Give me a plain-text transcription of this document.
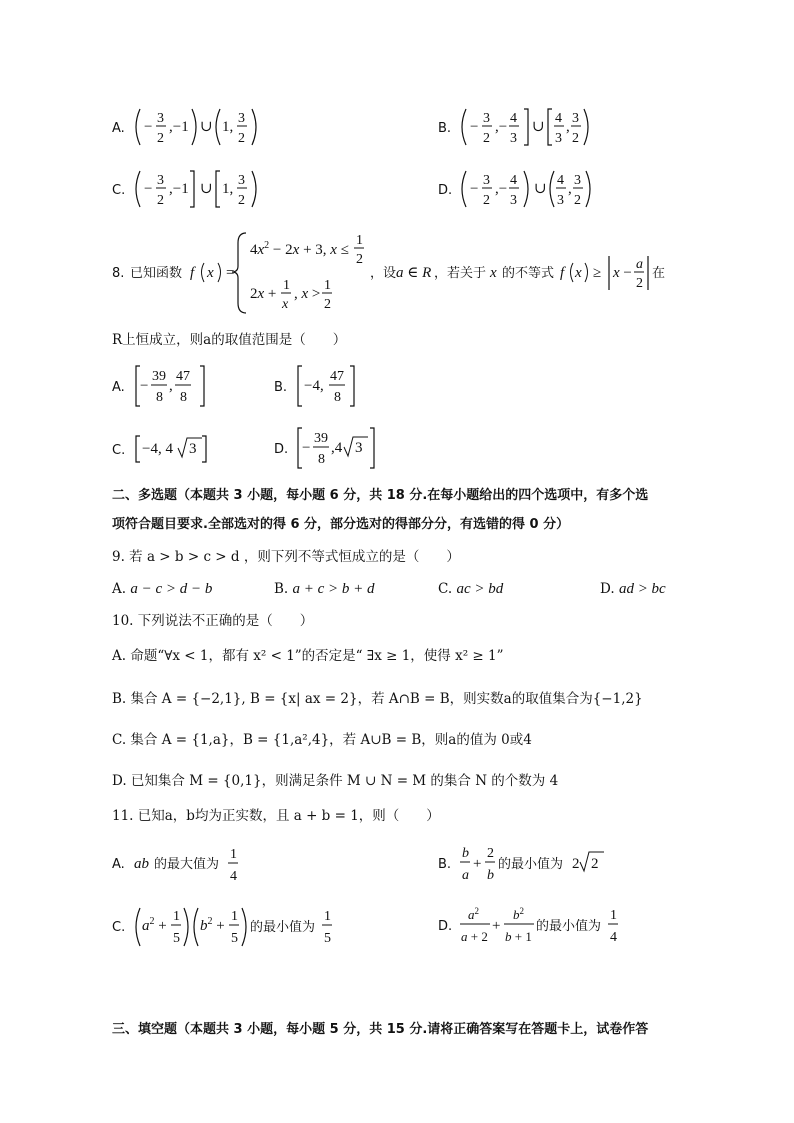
A. −
3
2
,−1 ∪ 1,
3
2
B. −
3
2
,−
4
3
∪
4
3
,
3
2
C. −
3
2
,−1 ∪ 1,
3
2
D. −
3
2
,−
4
3
∪
4
3
,
3
2
8. 已知函数 f x =
$4x^2 - 2x + 3$, x ≤
1
2
2x +
1
x
, x >
1
2
，设 a ∈ R ，若关于 x 的不等式 f x ≥ x −
a
2
在
R上恒成立，则a的取值范围是（　　）
A. −
39
8
,
47
8
B. −4,
47
8
C. −4, 4 3	D. −
39
8
,4 3
二、多选题（本题共 3 小题，每小题 6 分，共 18 分.在每小题给出的四个选项中，有多个选
项符合题目要求.全部选对的得 6 分，部分选对的得部分分，有选错的得 0 分）
9. 若 a > b > c > d ，则下列不等式恒成立的是（　　）
A. a − c > d − b	B. a + c > b + d	C. ac > bd	D. ad > bc
10. 下列说法不正确的是（　　）
A. 命题“∀x < 1，都有 x² < 1”的否定是“ ∃x ≥ 1，使得 x² ≥ 1”
B. 集合 A = {−2,1}, B = {x| ax = 2}，若 A∩B = B，则实数a的取值集合为{−1,2}
C. 集合 A = {1,a}，B = {1,a²,4}，若 A∪B = B，则a的值为 0或4
D. 已知集合 M = {0,1}，则满足条件 M ∪ N = M 的集合 N 的个数为 4
11. 已知a，b均为正实数，且 a + b = 1，则（　　）
A. ab 的最大值为
1
4
B.
b
a
+
2
b
的最小值为 2 2
C. $a^2$ +
1
5
$b^2$ +
1
5
的最小值为
1
5
D.
$a^2$
a + 2
+
$b^2$
b + 1
的最小值为
1
4
三、填空题（本题共 3 小题，每小题 5 分，共 15 分.请将正确答案写在答题卡上，试卷作答
